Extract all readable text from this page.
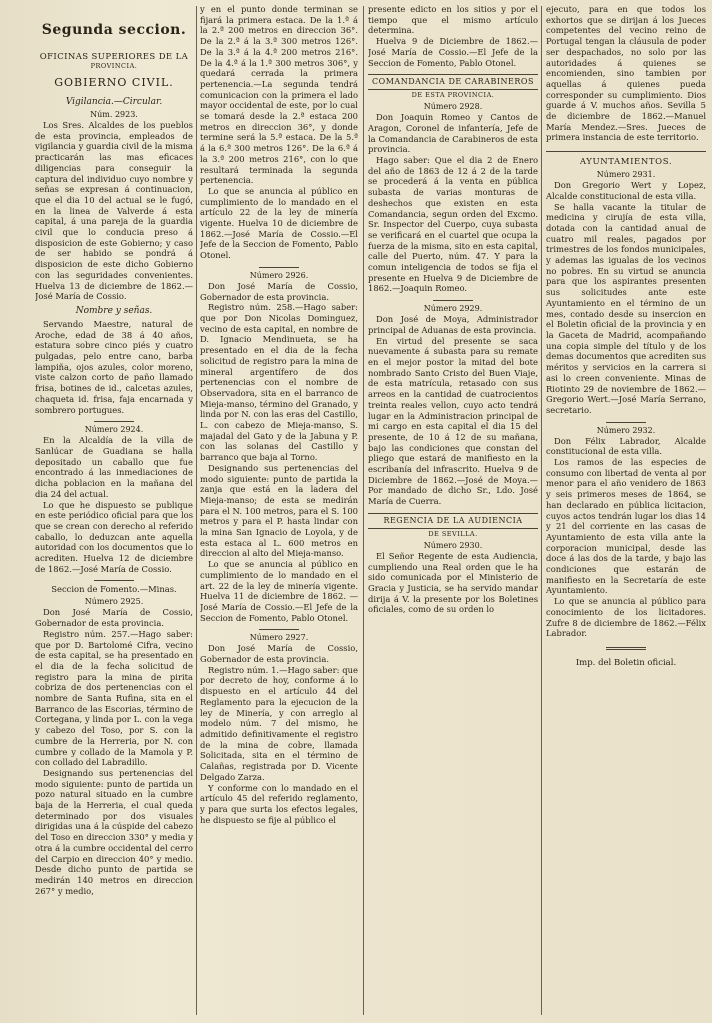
Segunda seccion.
OFICINAS SUPERIORES DE LA
PROVINCIA.
GOBIERNO CIVIL.
Vigilancia.—Circular.
Núm. 2923.

Los Sres. Alcaldes de los pueblos de esta provincia, empleados de vigilancia y guardia civil de la misma practicarán las mas eficaces diligencias para conseguir la captura del individuo cuyo nombre y señas se expresan á continuacion, que el dia 10 del actual se le fugó, en la linea de Valverde á esta capital, á una pareja de la guardia civil que lo conducia preso á disposicion de este Gobierno; y caso de ser habido se pondrá á disposicion de este dicho Gobierno con las seguridades convenientes. Huelva 13 de diciembre de 1862.—José María de Cossio.

Nombre y señas.

Servando Maestre, natural de Aroche, edad de 38 á 40 años, estatura sobre cinco piés y cuatro pulgadas, pelo entre cano, barba lampiña, ojos azules, color moreno, viste calzon corto de paño llamado frisa, botines de id., calcetas azules, chaqueta id. frisa, faja encarnada y sombrero portugues.

Número 2924.

En la Alcaldía de la villa de Sanlúcar de Guadiana se halla depositado un caballo que fue encontrado á las inmediaciones de dicha poblacion en la mañana del dia 24 del actual.

Lo que he dispuesto se publique en este periódico oficial para que los que se crean con derecho al referido caballo, lo deduzcan ante aquella autoridad con los documentos que lo acrediten. Huelva 12 de diciembre de 1862.—José María de Cossio.

Seccion de Fomento.—Minas.
Número 2925.

Don José María de Cossio, Gobernador de esta provincia.

Registro núm. 257.—Hago saber: que por D. Bartolomé Cifra, vecino de esta capital, se ha presentado en el dia de la fecha solicitud de registro para la mina de pirita cobriza de dos pertenencias con el nombre de Santa Rufina, sita en el Barranco de las Escorias, término de Cortegana, y linda por L. con la vega y cabezo del Toso, por S. con la cumbre de la Herreria, por N. con cumbre y collado de la Mamola y P. con collado del Labradillo.

Designando sus pertenencias del modo siguiente: punto de partida un pozo natural situado en la cumbre baja de la Herreria, el cual queda determinado por dos visuales dirigidas una á la cúspide del cabezo del Toso en direccion 330° y media y otra á la cumbre occidental del cerro del Carpio en direccion 40° y medio. Desde dicho punto de partida se medirán 140 metros en direccion 267° y medio,

y en el punto donde terminan se fijará la primera estaca. De la 1.ª á la 2.ª 200 metros en direccion 36°. De la 2.ª á la 3.ª 300 metros 126°. De la 3.ª á la 4.ª 200 metros 216°. De la 4.ª á la 1.ª 300 metros 306°, y quedará cerrada la primera pertenencia.—La segunda tendrá comunicacion con la primera el lado mayor occidental de este, por lo cual se tomará desde la 2.ª estaca 200 metros en direccion 36°, y donde termine será la 5.ª estaca. De la 5.ª á la 6.ª 300 metros 126°. De la 6.ª á la 3.ª 200 metros 216°, con lo que resultará terminada la segunda pertenencia.

Lo que se anuncia al público en cumplimiento de lo mandado en el artículo 22 de la ley de minería vigente. Huelva 10 de diciembre de 1862.—José María de Cossio.—El Jefe de la Seccion de Fomento, Pablo Otonel.

Número 2926.

Don José María de Cossio, Gobernador de esta provincia.

Registro núm. 258.—Hago saber: que por Don Nicolas Dominguez, vecino de esta capital, en nombre de D. Ignacio Mendinueta, se ha presentado en el dia de la fecha solicitud de registro para la mina de mineral argentífero de dos pertenencias con el nombre de Observadora, sita en el barranco de Mieja-manso, término del Granado, y linda por N. con las eras del Castillo, L. con cabezo de Mieja-manso, S. majadal del Gato y de la Jabuna y P. con las solanas del Castillo y barranco que baja al Torno.

Designando sus pertenencias del modo siguiente: punto de partida la zanja que está en la ladera del Mieja-manso; de esta se medirán para el N. 100 metros, para el S. 100 metros y para el P. hasta lindar con la mina San Ignacio de Loyola, y de esta estaca al L. 600 metros en direccion al alto del Mieja-manso.

Lo que se anuncia al público en cumplimiento de lo mandado en el art. 22 de la ley de minería vigente. Huelva 11 de diciembre de 1862. —José María de Cossio.—El Jefe de la Seccion de Fomento, Pablo Otonel.

Número 2927.

Don José María de Cossio, Gobernador de esta provincia.

Registro núm. 1.—Hago saber: que por decreto de hoy, conforme á lo dispuesto en el artículo 44 del Reglamento para la ejecucion de la ley de Minería, y con arreglo al modelo núm. 7 del mismo, he admitido definitivamente el registro de la mina de cobre, llamada Solicitada, sita en el término de Calañas, registrada por D. Vicente Delgado Zarza.

Y conforme con lo mandado en el artículo 45 del referido reglamento, y para que surta los efectos legales, he dispuesto se fije al público el

presente edicto en los sitios y por el tiempo que el mismo artículo determina.

Huelva 9 de Diciembre de 1862.—José María de Cossio.—El Jefe de la Seccion de Fomento, Pablo Otonel.

COMANDANCIA DE CARABINEROS
DE ESTA PROVINCIA.
Número 2928.

Don Joaquin Romeo y Cantos de Aragon, Coronel de infantería, Jefe de la Comandancia de Carabineros de esta provincia.

Hago saber: Que el dia 2 de Enero del año de 1863 de 12 á 2 de la tarde se procederá á la venta en pública subasta de varias monturas de deshechos que existen en esta Comandancia, segun orden del Excmo. Sr. Inspector del Cuerpo, cuya subasta se verificará en el cuartel que ocupa la fuerza de la misma, sito en esta capital, calle del Puerto, núm. 47. Y para la comun inteligencia de todos se fija el presente en Huelva 9 de Diciembre de 1862.—Joaquin Romeo.

Número 2929.

Don José de Moya, Administrador principal de Aduanas de esta provincia.

En virtud del presente se saca nuevamente á subasta para su remate en el mejor postor la mitad del bote nombrado Santo Cristo del Buen Viaje, de esta matrícula, retasado con sus arreos en la cantidad de cuatrocientos treinta reales vellon, cuyo acto tendrá lugar en la Administracion principal de mi cargo en esta capital el dia 15 del presente, de 10 á 12 de su mañana, bajo las condiciones que constan del pliego que estará de manifiesto en la escribanía del infrascrito. Huelva 9 de Diciembre de 1862.—José de Moya.—Por mandado de dicho Sr., Ldo. José María de Cuerra.

REGENCIA DE LA AUDIENCIA
DE SEVILLA.
Número 2930.

El Señor Regente de esta Audiencia, cumpliendo una Real orden que le ha sido comunicada por el Ministerio de Gracia y Justicia, se ha servido mandar dirija á V. la presente por los Boletines oficiales, como de su orden lo

ejecuto, para en que todos los exhortos que se dirijan á los Jueces competentes del vecino reino de Portugal tengan la cláusula de poder ser despachados, no solo por las autoridades á quienes se encomienden, sino tambien por aquellas á quienes pueda corresponder su cumplimiento. Dios guarde á V. muchos años. Sevilla 5 de diciembre de 1862.—Manuel María Mendez.—Sres. Jueces de primera instancia de este territorio.

AYUNTAMIENTOS.
Número 2931.

Don Gregorio Wert y Lopez, Alcalde constitucional de esta villa.

Se halla vacante la titular de medicina y cirujía de esta villa, dotada con la cantidad anual de cuatro mil reales, pagados por trimestres de los fondos municipales, y ademas las igualas de los vecinos no pobres. En su virtud se anuncia para que los aspirantes presenten sus solicitudes ante este Ayuntamiento en el término de un mes, contado desde su insercion en el Boletin oficial de la provincia y en la Gaceta de Madrid, acompañando una copia simple del título y de los demas documentos que acrediten sus méritos y servicios en la carrera si asi lo creen conveniente. Minas de Riotinto 29 de noviembre de 1862.—Gregorio Wert.—José María Serrano, secretario.

Número 2932.

Don Félix Labrador, Alcalde constitucional de esta villa.

Los ramos de las especies de consumo con libertad de venta al por menor para el año venidero de 1863 y seis primeros meses de 1864, se han declarado en pública licitacion, cuyos actos tendrán lugar los dias 14 y 21 del corriente en las casas de Ayuntamiento de esta villa ante la corporacion municipal, desde las doce á las dos de la tarde, y bajo las condiciones que estarán de manifiesto en la Secretaría de este Ayuntamiento.

Lo que se anuncia al público para conocimiento de los licitadores. Zufre 8 de diciembre de 1862.—Félix Labrador.

Imp. del Boletin oficial.
